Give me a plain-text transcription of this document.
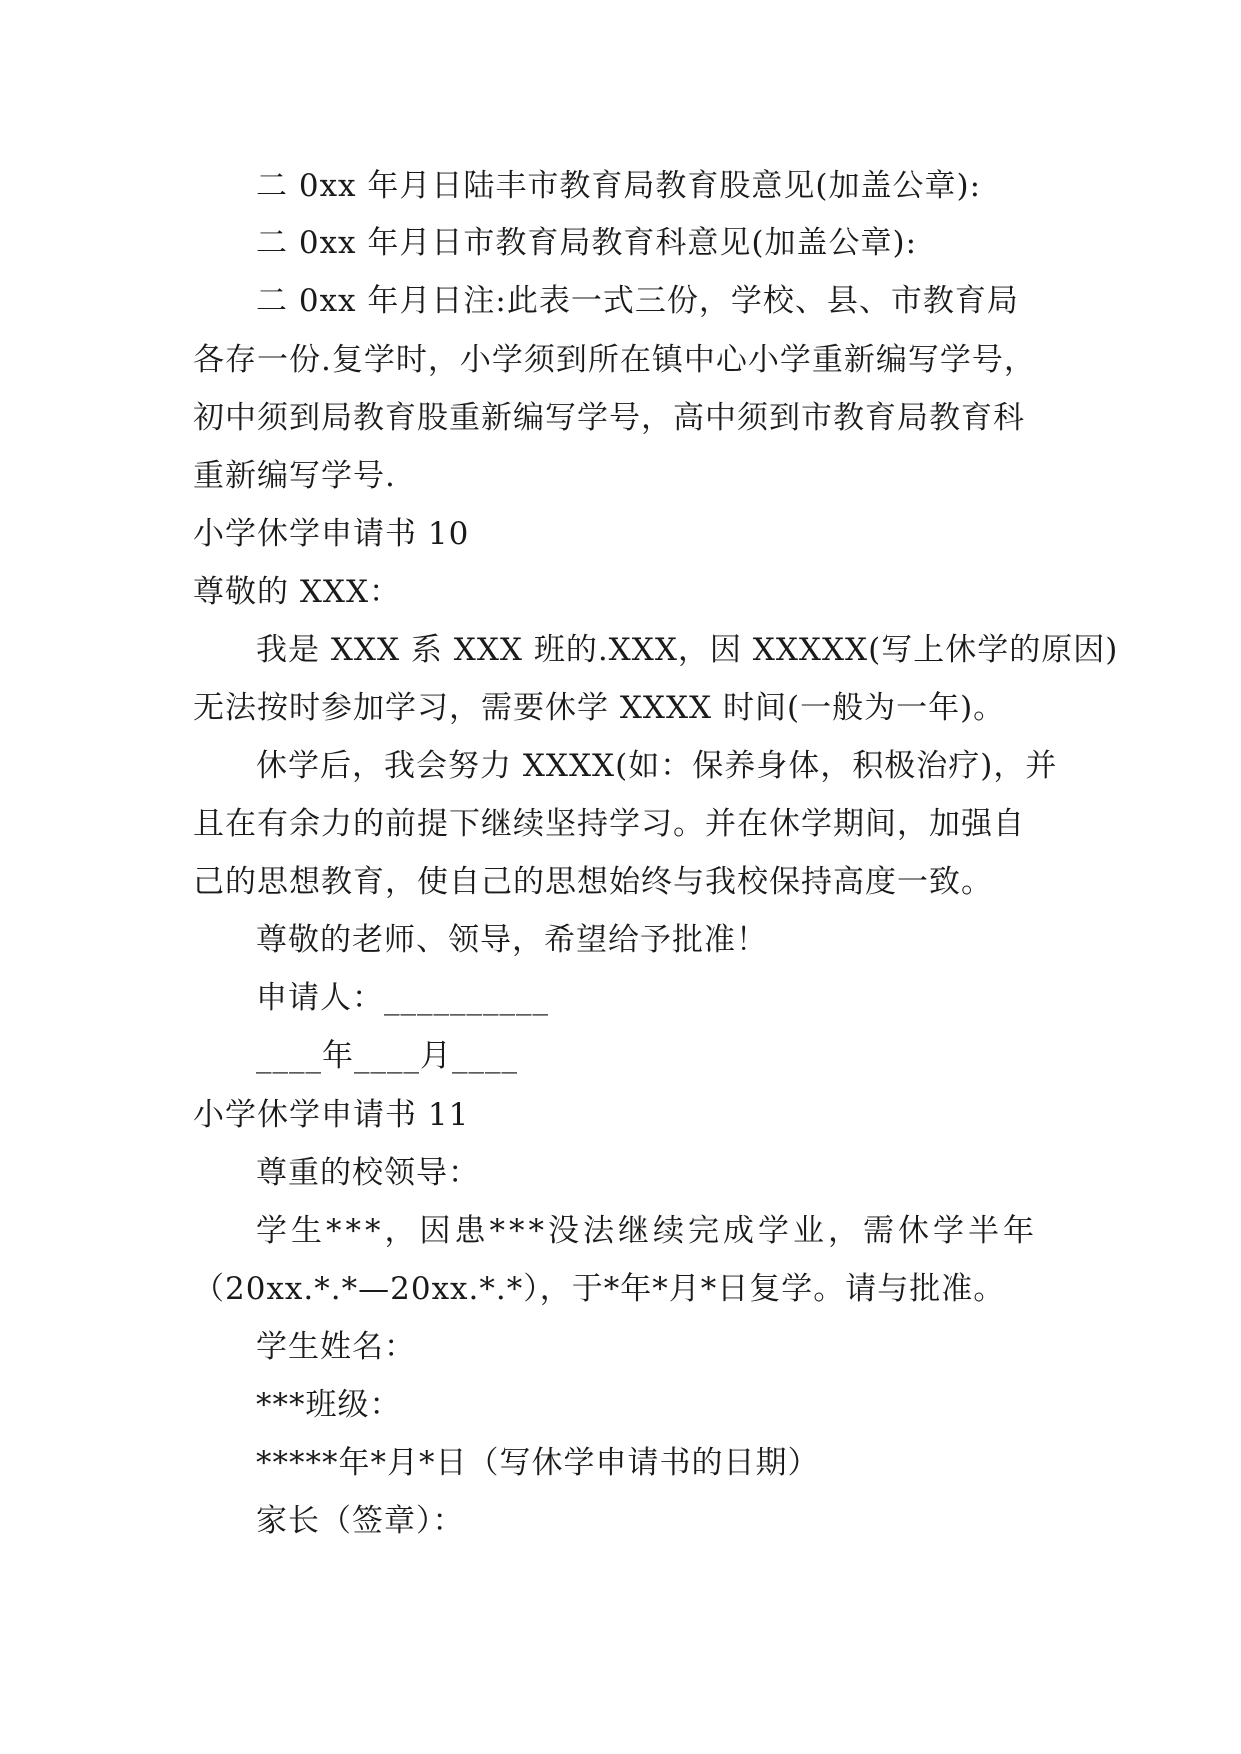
二 0xx 年月日陆丰市教育局教育股意见(加盖公章):
二 0xx 年月日市教育局教育科意见(加盖公章):
二 0xx 年月日注:此表一式三份，学校、县、市教育局
各存一份.复学时，小学须到所在镇中心小学重新编写学号，
初中须到局教育股重新编写学号，高中须到市教育局教育科
重新编写学号.
小学休学申请书 10
尊敬的 XXX：
我是 XXX 系 XXX 班的.XXX，因 XXXXX(写上休学的原因)
无法按时参加学习，需要休学 XXXX 时间(一般为一年)。
休学后，我会努力 XXXX(如：保养身体，积极治疗)，并
且在有余力的前提下继续坚持学习。并在休学期间，加强自
己的思想教育，使自己的思想始终与我校保持高度一致。
尊敬的老师、领导，希望给予批准！
申请人：__________
____年____月____
小学休学申请书 11
尊重的校领导：
学生***，因患***没法继续完成学业，需休学半年
（20xx.*.*—20xx.*.*），于*年*月*日复学。请与批准。
学生姓名：
***班级：
*****年*月*日（写休学申请书的日期）
家长（签章）：
